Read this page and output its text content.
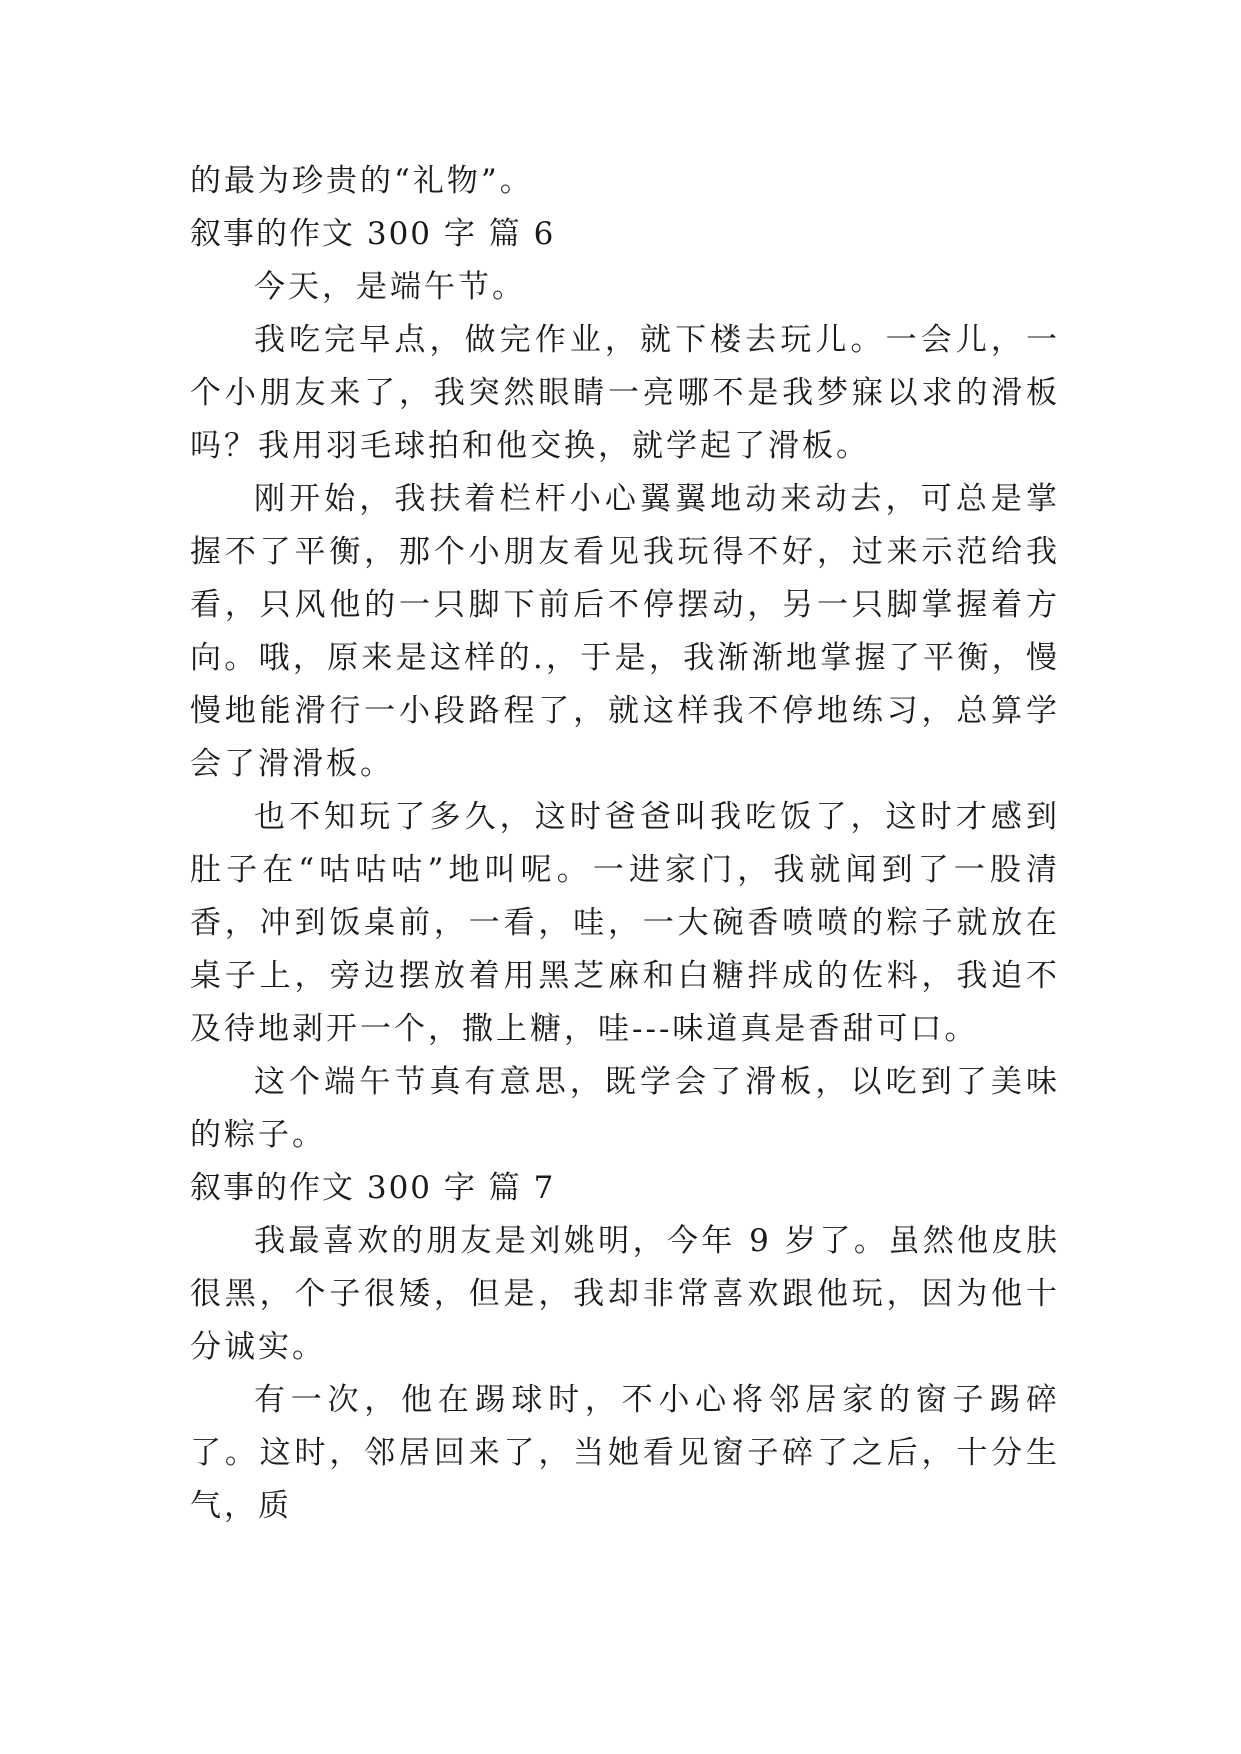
的最为珍贵的“礼物”。

叙事的作文 300 字 篇 6

今天，是端午节。

我吃完早点，做完作业，就下楼去玩儿。一会儿，一个小朋友来了，我突然眼睛一亮哪不是我梦寐以求的滑板吗？我用羽毛球拍和他交换，就学起了滑板。

刚开始，我扶着栏杆小心翼翼地动来动去，可总是掌握不了平衡，那个小朋友看见我玩得不好，过来示范给我看，只风他的一只脚下前后不停摆动，另一只脚掌握着方向。哦，原来是这样的.，于是，我渐渐地掌握了平衡，慢慢地能滑行一小段路程了，就这样我不停地练习，总算学会了滑滑板。

也不知玩了多久，这时爸爸叫我吃饭了，这时才感到肚子在“咕咕咕”地叫呢。一进家门，我就闻到了一股清香，冲到饭桌前，一看，哇，一大碗香喷喷的粽子就放在桌子上，旁边摆放着用黑芝麻和白糖拌成的佐料，我迫不及待地剥开一个，撒上糖，哇---味道真是香甜可口。

这个端午节真有意思，既学会了滑板，以吃到了美味的粽子。

叙事的作文 300 字 篇 7

我最喜欢的朋友是刘姚明，今年 9 岁了。虽然他皮肤很黑，个子很矮，但是，我却非常喜欢跟他玩，因为他十分诚实。

有一次，他在踢球时，不小心将邻居家的窗子踢碎了。这时，邻居回来了，当她看见窗子碎了之后，十分生气，质
